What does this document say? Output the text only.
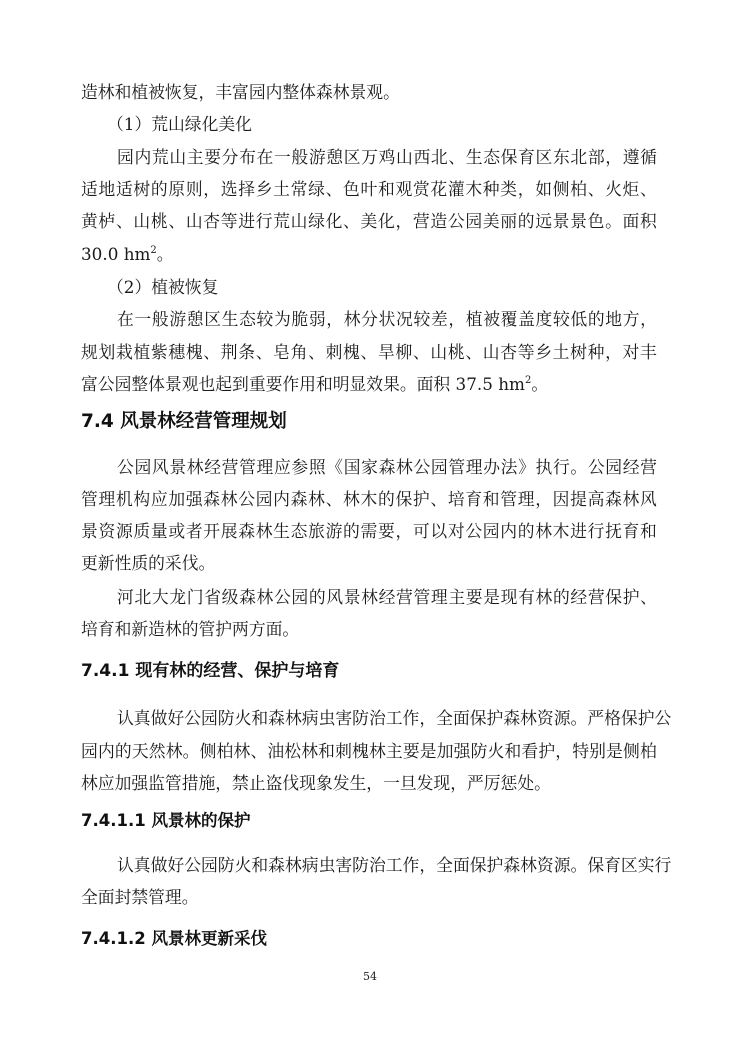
造林和植被恢复，丰富园内整体森林景观。
（1）荒山绿化美化
园 内 荒 山 主 要 分 布 在 一 般 游 憩 区 万 鸡 山 西 北 、 生 态 保 育 区 东 北 部 ， 遵 循
适 地 适 树 的 原 则 ， 选 择 乡 土 常 绿 、 色 叶 和 观 赏 花 灌 木 种 类 ， 如 侧 柏 、 火 炬 、
黄 栌 、 山 桃 、 山 杏 等 进 行 荒 山 绿 化 、 美 化 ， 营 造 公 园 美 丽 的 远 景 景 色 。 面 积
30.0 $hm^2$。
（2）植被恢复
在 一 般 游 憩 区 生 态 较 为 脆 弱 ， 林 分 状 况 较 差 ， 植 被 覆 盖 度 较 低 的 地 方 ，
规 划 栽 植 紫 穗 槐 、 荆 条 、 皂 角 、 刺 槐 、 旱 柳 、 山 桃 、 山 杏 等 乡 土 树 种 ， 对 丰
富公园整体景观也起到重要作用和明显效果。面积 37.5 $hm^2$。
7.4 风景林经营管理规划
公 园 风 景 林 经 营 管 理 应 参 照 《 国 家 森 林 公 园 管 理 办 法 》 执 行 。 公 园 经 营
管 理 机 构 应 加 强 森 林 公 园 内 森 林 、 林 木 的 保 护 、 培 育 和 管 理 ， 因 提 高 森 林 风
景 资 源 质 量 或 者 开 展 森 林 生 态 旅 游 的 需 要 ， 可 以 对 公 园 内 的 林 木 进 行 抚 育 和
更新性质的采伐。
河 北 大 龙 门 省 级 森 林 公 园 的 风 景 林 经 营 管 理 主 要 是 现 有 林 的 经 营 保 护 、
培育和新造林的管护两方面。
7.4.1 现有林的经营、保护与培育
认 真 做 好 公 园 防 火 和 森 林 病 虫 害 防 治 工 作 ， 全 面 保 护 森 林 资 源 。 严 格 保 护 公
园 内 的 天 然 林 。 侧 柏 林 、 油 松 林 和 刺 槐 林 主 要 是 加 强 防 火 和 看 护 ， 特 别 是 侧 柏
林应加强监管措施，禁止盗伐现象发生，一旦发现，严厉惩处。
7.4.1.1 风景林的保护
认 真 做 好 公 园 防 火 和 森 林 病 虫 害 防 治 工 作 ， 全 面 保 护 森 林 资 源 。 保 育 区 实 行
全面封禁管理。
7.4.1.2 风景林更新采伐
54
